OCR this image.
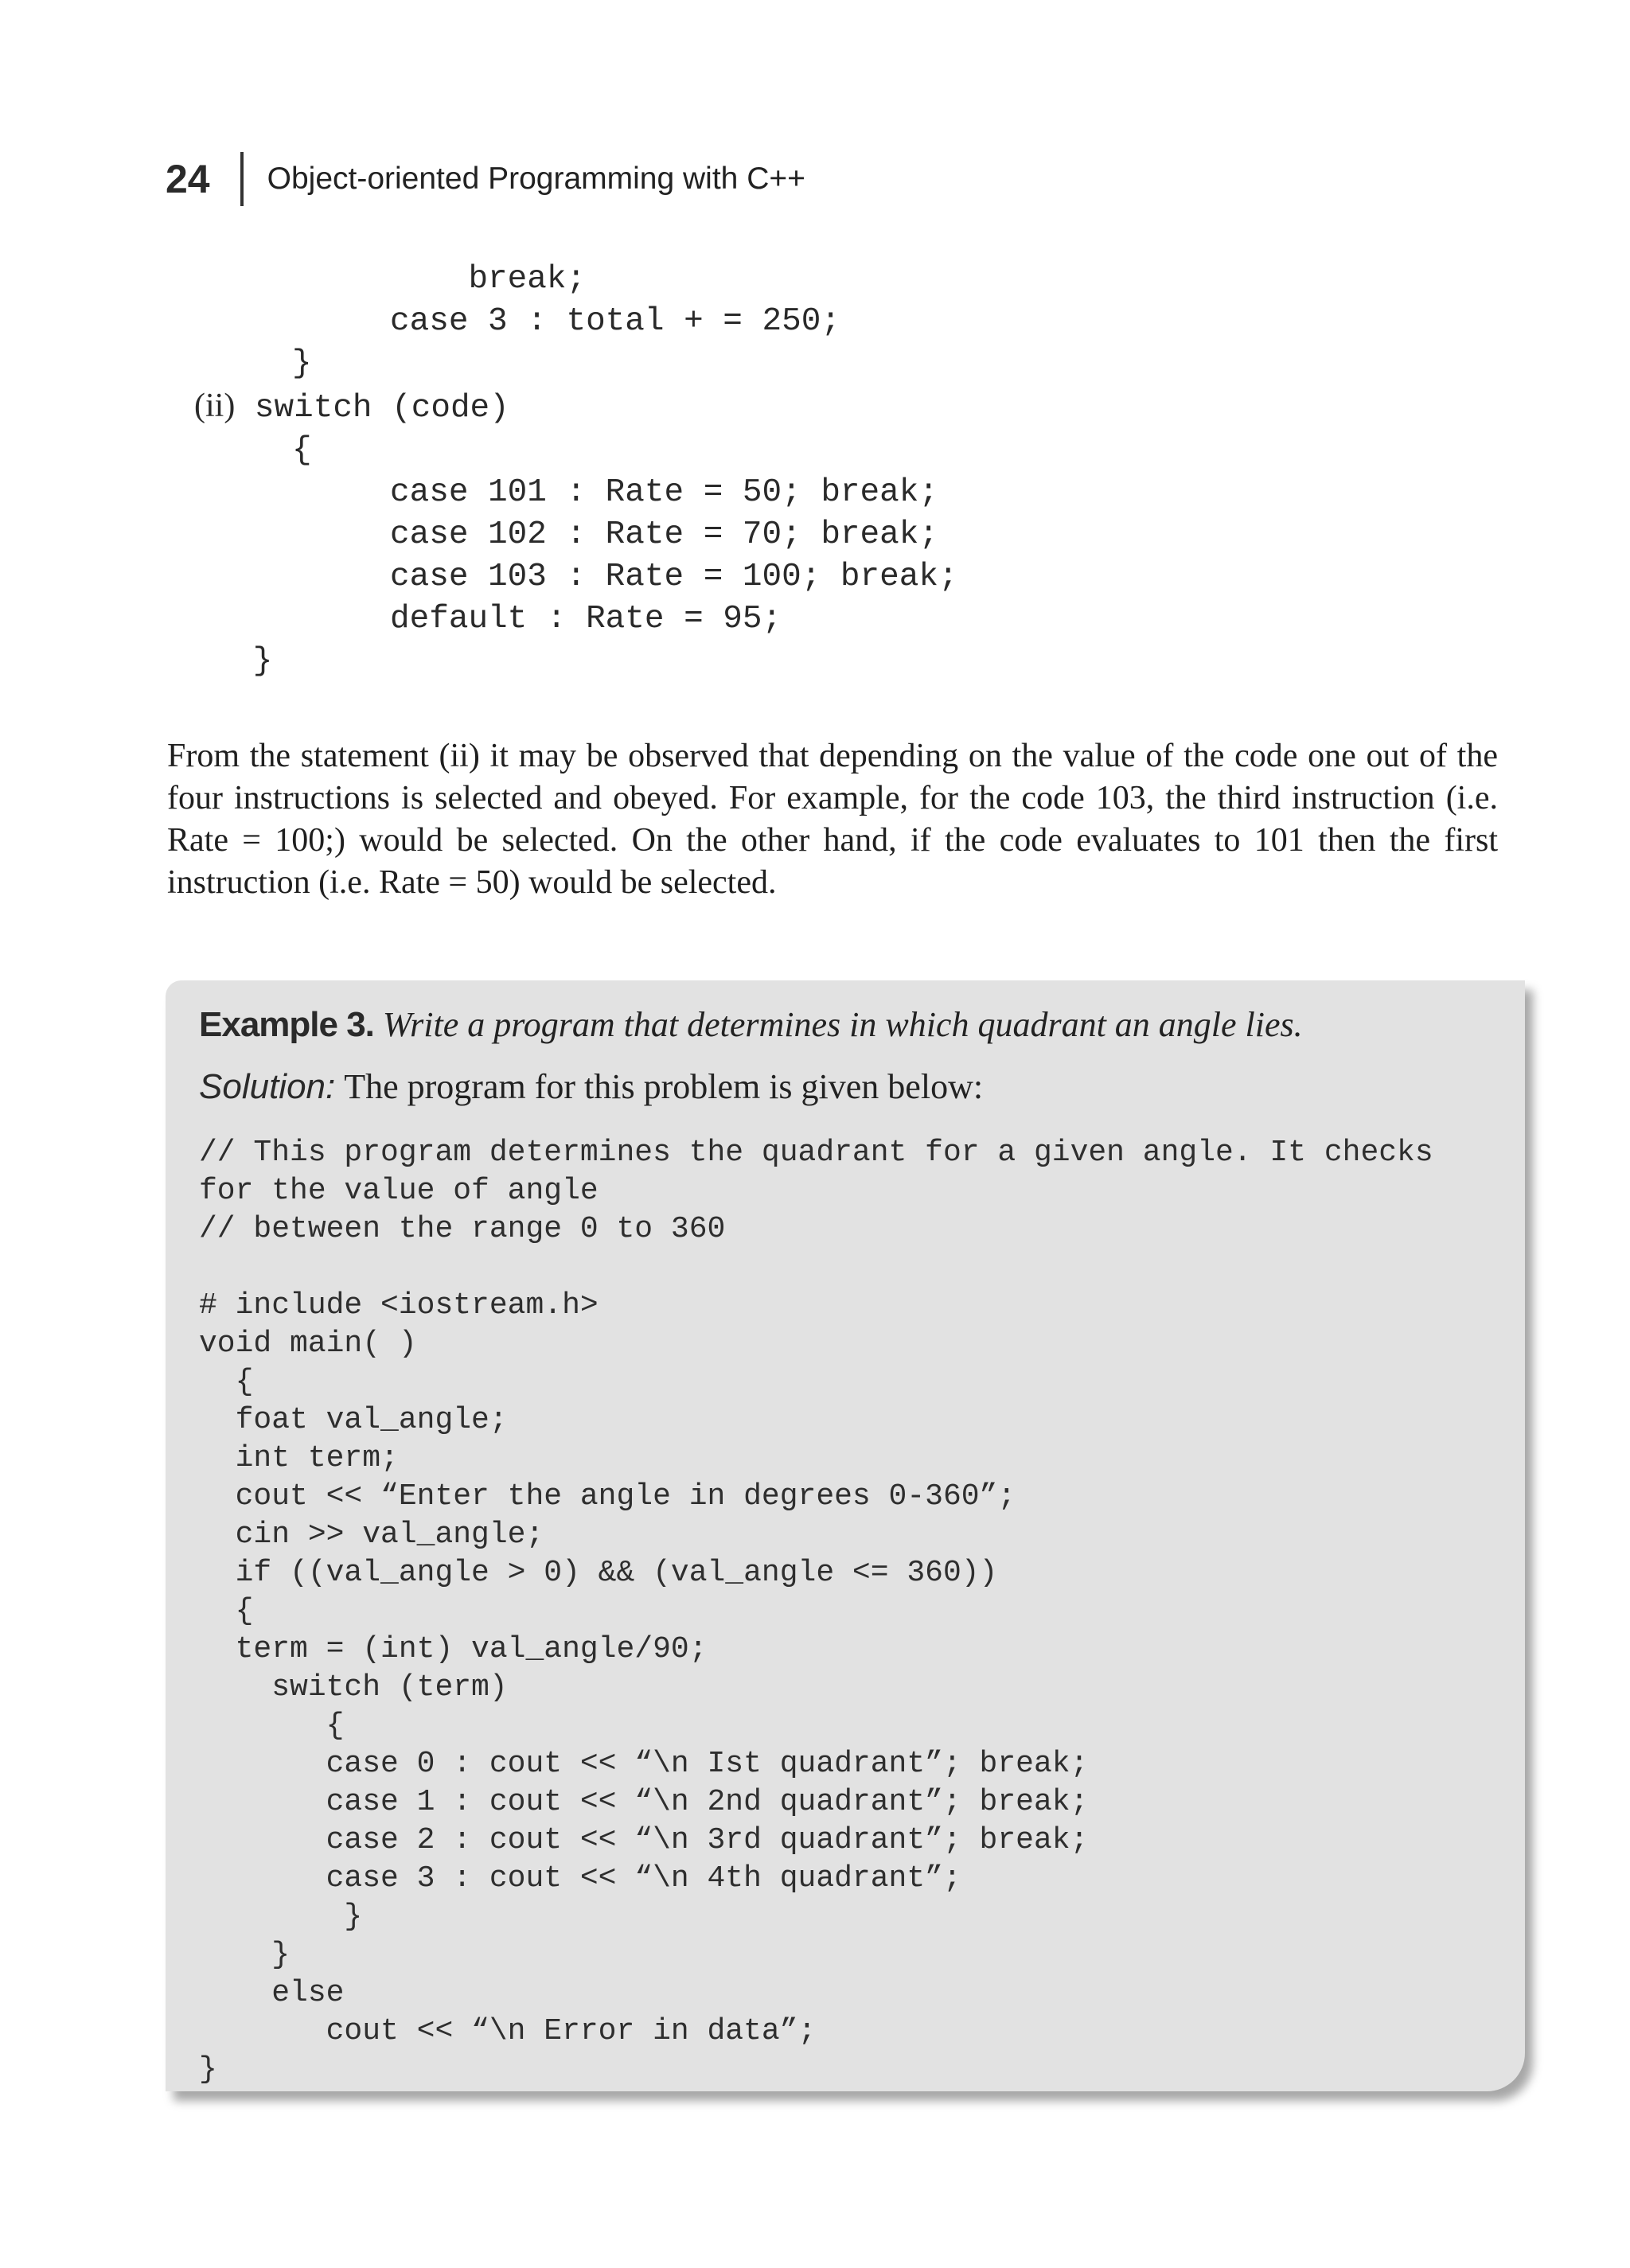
24 Object-oriented Programming with C++
break;
case 3 : total + = 250;
}
(ii) switch (code)
{
case 101 : Rate = 50; break;
case 102 : Rate = 70; break;
case 103 : Rate = 100; break;
default : Rate = 95;
}

From the statement (ii) it may be observed that depending on the value of the code one out of the four instructions is selected and obeyed. For example, for the code 103, the third instruction (i.e. Rate = 100;) would be selected. On the other hand, if the code evaluates to 101 then the first instruction (i.e. Rate = 50) would be selected.

Example 3. Write a program that determines in which quadrant an angle lies.
Solution: The program for this problem is given below:
// This program determines the quadrant for a given angle. It checks
for the value of angle
// between the range 0 to 360

# include <iostream.h>
void main( )
{
foat val_angle;
int term;
cout << “Enter the angle in degrees 0-360”;
cin >> val_angle;
if ((val_angle > 0) && (val_angle <= 360))
{
term = (int) val_angle/90;
switch (term)
{
case 0 : cout << “\n Ist quadrant”; break;
case 1 : cout << “\n 2nd quadrant”; break;
case 2 : cout << “\n 3rd quadrant”; break;
case 3 : cout << “\n 4th quadrant”;
}
}
else
cout << “\n Error in data”;
}
